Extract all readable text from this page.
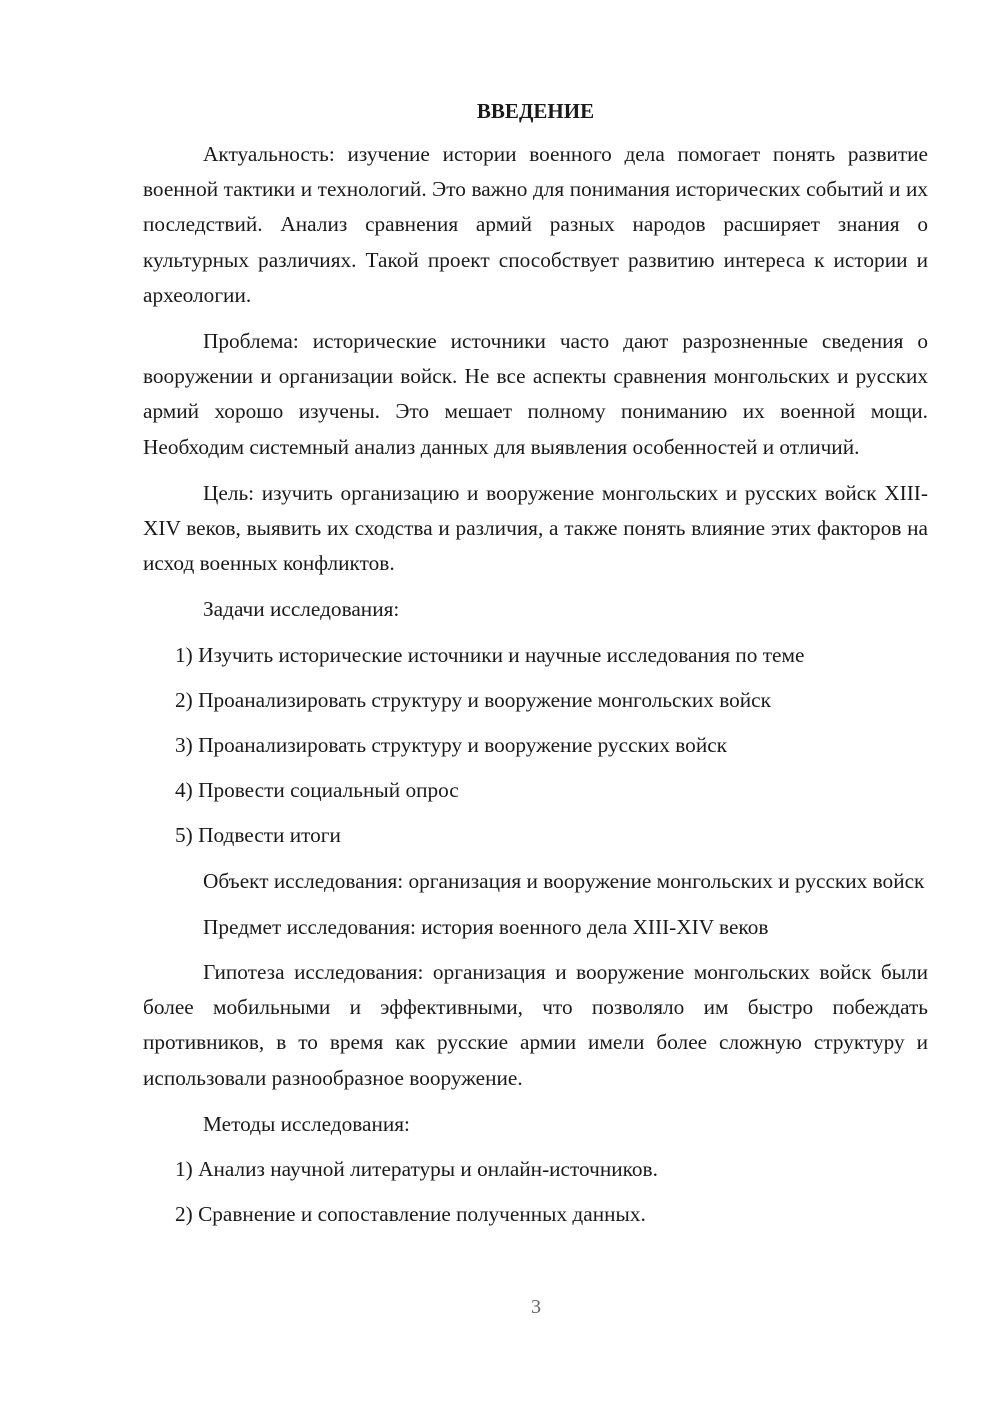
ВВЕДЕНИЕ

Актуальность: изучение истории военного дела помогает понять развитие военной тактики и технологий. Это важно для понимания исторических событий и их последствий. Анализ сравнения армий разных народов расширяет знания о культурных различиях. Такой проект способствует развитию интереса к истории и археологии.

Проблема: исторические источники часто дают разрозненные сведения о вооружении и организации войск. Не все аспекты сравнения монгольских и русских армий хорошо изучены. Это мешает полному пониманию их военной мощи. Необходим системный анализ данных для выявления особенностей и отличий.

Цель: изучить организацию и вооружение монгольских и русских войск XIII-XIV веков, выявить их сходства и различия, а также понять влияние этих факторов на исход военных конфликтов.

Задачи исследования:
1) Изучить исторические источники и научные исследования по теме
2) Проанализировать структуру и вооружение монгольских войск
3) Проанализировать структуру и вооружение русских войск
4) Провести социальный опрос
5) Подвести итоги

Объект исследования: организация и вооружение монгольских и русских войск

Предмет исследования: история военного дела XIII-XIV веков

Гипотеза исследования: организация и вооружение монгольских войск были более мобильными и эффективными, что позволяло им быстро побеждать противников, в то время как русские армии имели более сложную структуру и использовали разнообразное вооружение.

Методы исследования:
1) Анализ научной литературы и онлайн-источников.
2) Сравнение и сопоставление полученных данных.
3
